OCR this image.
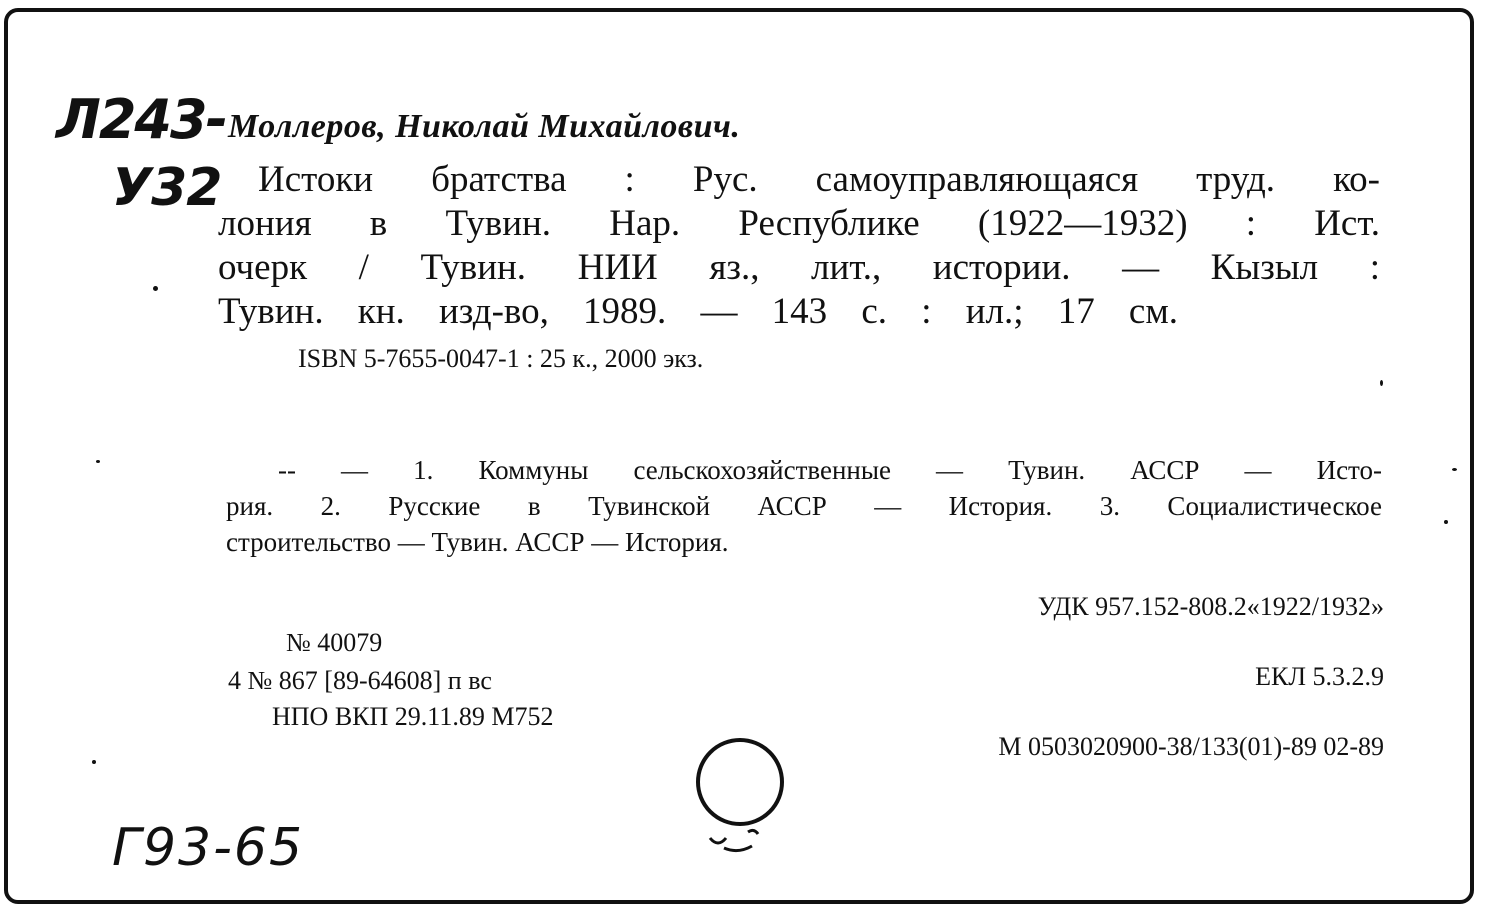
Л243-
У32
Моллеров, Николай Михайлович.
Истоки братства : Рус. самоуправляющаяся труд. ко-
лония в Тувин. Нар. Республике (1922—1932) : Ист.
очерк / Тувин. НИИ яз., лит., истории. — Кызыл :
Тувин. кн. изд-во, 1989. — 143 с. : ил.; 17 см.
ISBN 5-7655-0047-1 : 25 к., 2000 экз.
-- — 1. Коммуны сельскохозяйственные — Тувин. АССР — Исто-
рия. 2. Русские в Тувинской АССР — История. 3. Социалистическое
строительство — Тувин. АССР — История.
УДК 957.152-808.2«1922/1932»
ЕКЛ 5.3.2.9
М 0503020900-38/133(01)-89 02-89
№ 40079
4 № 867 [89-64608] п вс
НПО ВКП 29.11.89 М752
Г93-65
